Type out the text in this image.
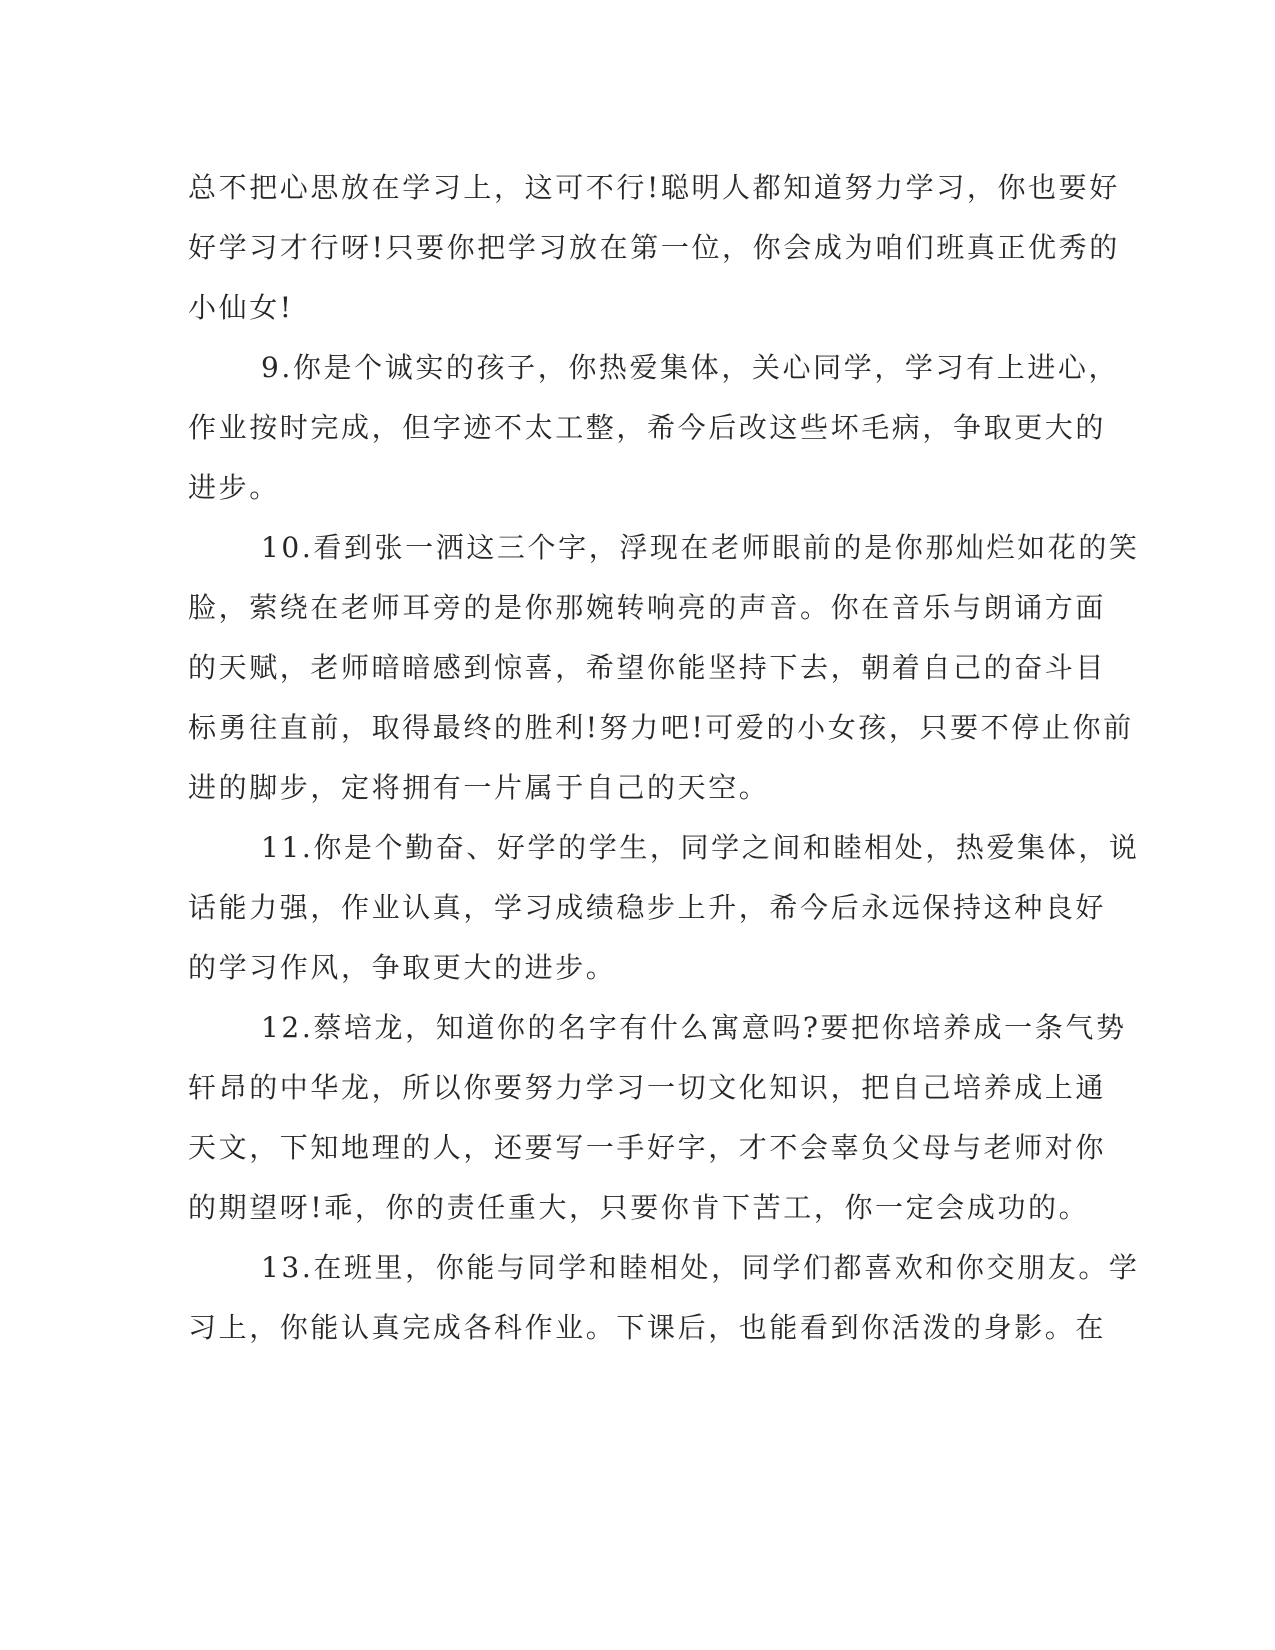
总不把心思放在学习上，这可不行!聪明人都知道努力学习，你也要好
好学习才行呀!只要你把学习放在第一位，你会成为咱们班真正优秀的
小仙女!
9.你是个诚实的孩子，你热爱集体，关心同学，学习有上进心，
作业按时完成，但字迹不太工整，希今后改这些坏毛病，争取更大的
进步。
10.看到张一洒这三个字，浮现在老师眼前的是你那灿烂如花的笑
脸，萦绕在老师耳旁的是你那婉转响亮的声音。你在音乐与朗诵方面
的天赋，老师暗暗感到惊喜，希望你能坚持下去，朝着自己的奋斗目
标勇往直前，取得最终的胜利!努力吧!可爱的小女孩，只要不停止你前
进的脚步，定将拥有一片属于自己的天空。
11.你是个勤奋、好学的学生，同学之间和睦相处，热爱集体，说
话能力强，作业认真，学习成绩稳步上升，希今后永远保持这种良好
的学习作风，争取更大的进步。
12.蔡培龙，知道你的名字有什么寓意吗?要把你培养成一条气势
轩昂的中华龙，所以你要努力学习一切文化知识，把自己培养成上通
天文，下知地理的人，还要写一手好字，才不会辜负父母与老师对你
的期望呀!乖，你的责任重大，只要你肯下苦工，你一定会成功的。
13.在班里，你能与同学和睦相处，同学们都喜欢和你交朋友。学
习上，你能认真完成各科作业。下课后，也能看到你活泼的身影。在
